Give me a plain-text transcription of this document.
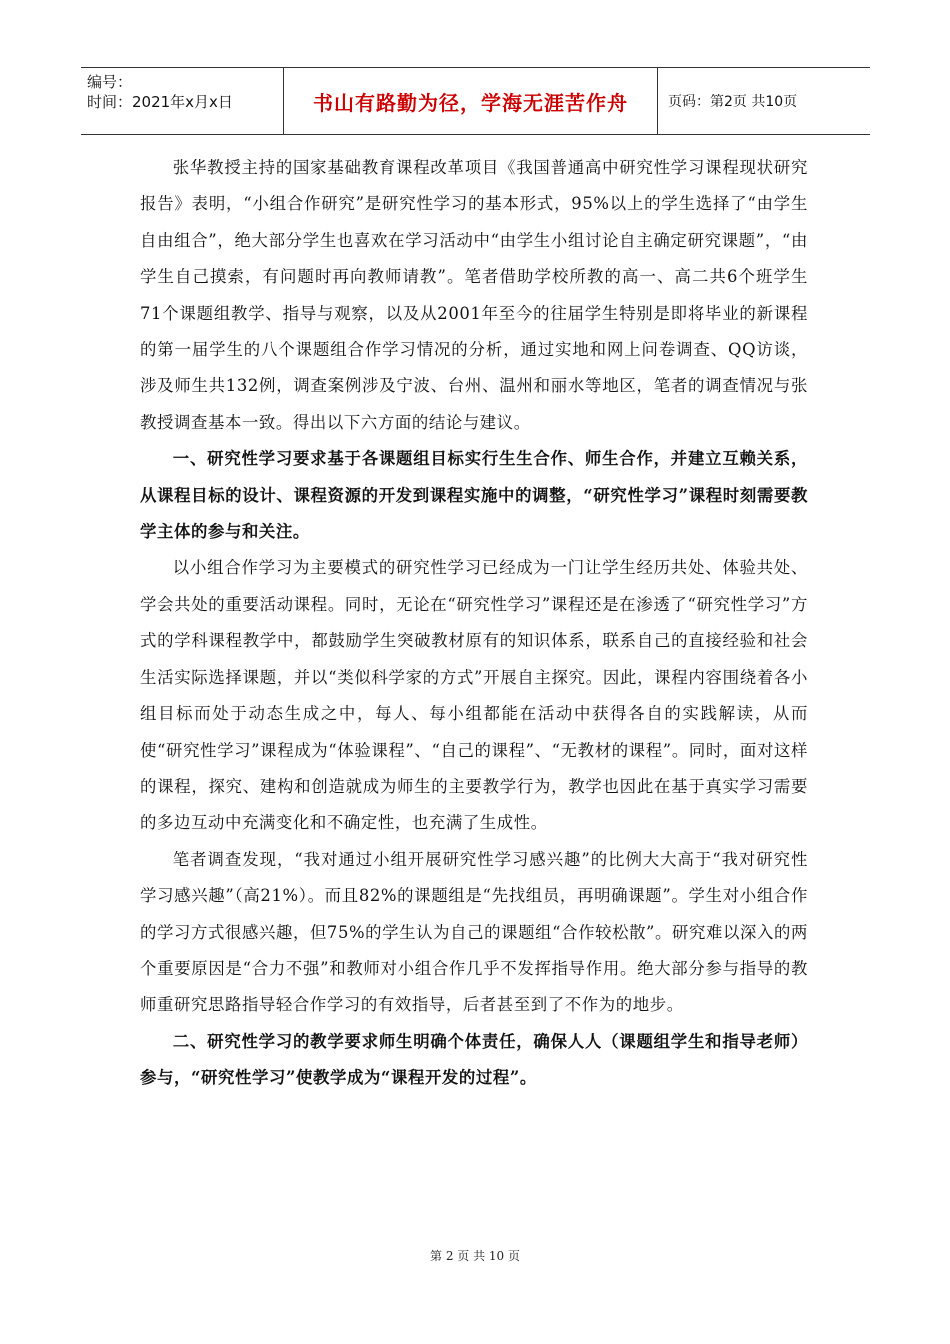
编号：
时间：2021年x月x日	书山有路勤为径，学海无涯苦作舟	页码：第2页 共10页

张华教授主持的国家基础教育课程改革项目《我国普通高中研究性学习课程现状研究报告》表明，“小组合作研究”是研究性学习的基本形式，95%以上的学生选择了“由学生自由组合”，绝大部分学生也喜欢在学习活动中“由学生小组讨论自主确定研究课题”，“由学生自己摸索，有问题时再向教师请教”。笔者借助学校所教的高一、高二共6个班学生71个课题组教学、指导与观察，以及从2001年至今的往届学生特别是即将毕业的新课程的第一届学生的八个课题组合作学习情况的分析，通过实地和网上问卷调查、QQ访谈，涉及师生共132例，调查案例涉及宁波、台州、温州和丽水等地区，笔者的调查情况与张教授调查基本一致。得出以下六方面的结论与建议。

一、研究性学习要求基于各课题组目标实行生生合作、师生合作，并建立互赖关系，从课程目标的设计、课程资源的开发到课程实施中的调整，“研究性学习”课程时刻需要教学主体的参与和关注。

以小组合作学习为主要模式的研究性学习已经成为一门让学生经历共处、体验共处、学会共处的重要活动课程。同时，无论在“研究性学习”课程还是在渗透了“研究性学习”方式的学科课程教学中，都鼓励学生突破教材原有的知识体系，联系自己的直接经验和社会生活实际选择课题，并以“类似科学家的方式”开展自主探究。因此，课程内容围绕着各小组目标而处于动态生成之中，每人、每小组都能在活动中获得各自的实践解读，从而使“研究性学习”课程成为“体验课程”、“自己的课程”、“无教材的课程”。同时，面对这样的课程，探究、建构和创造就成为师生的主要教学行为，教学也因此在基于真实学习需要的多边互动中充满变化和不确定性，也充满了生成性。

笔者调查发现，“我对通过小组开展研究性学习感兴趣”的比例大大高于“我对研究性学习感兴趣”（高21%）。而且82%的课题组是“先找组员，再明确课题”。学生对小组合作的学习方式很感兴趣，但75%的学生认为自己的课题组“合作较松散”。研究难以深入的两个重要原因是“合力不强”和教师对小组合作几乎不发挥指导作用。绝大部分参与指导的教师重研究思路指导轻合作学习的有效指导，后者甚至到了不作为的地步。

二、研究性学习的教学要求师生明确个体责任，确保人人（课题组学生和指导老师）参与，“研究性学习”使教学成为“课程开发的过程”。

第 2 页 共 10 页
